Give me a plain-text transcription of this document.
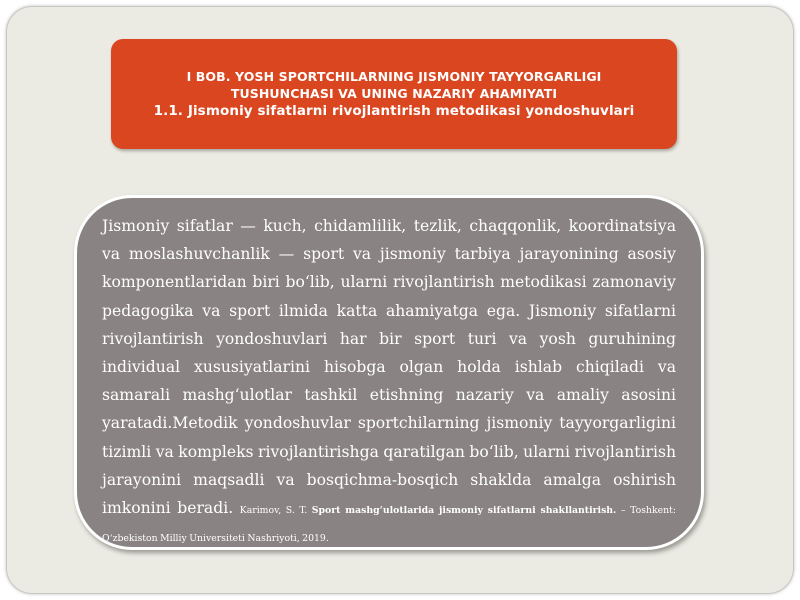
I BOB. YOSH SPORTCHILARNING JISMONIY TAYYORGARLIGI
TUSHUNCHASI VA UNING NAZARIY AHAMIYATI
1.1. Jismoniy sifatlarni rivojlantirish metodikasi yondoshuvlari

Jismoniy sifatlar — kuch, chidamlilik, tezlik, chaqqonlik, koordinatsiya va moslashuvchanlik — sport va jismoniy tarbiya jarayonining asosiy komponentlaridan biri bo‘lib, ularni rivojlantirish metodikasi zamonaviy pedagogika va sport ilmida katta ahamiyatga ega. Jismoniy sifatlarni rivojlantirish yondoshuvlari har bir sport turi va yosh guruhining individual xususiyatlarini hisobga olgan holda ishlab chiqiladi va samarali mashg‘ulotlar tashkil etishning nazariy va amaliy asosini yaratadi.Metodik yondoshuvlar sportchilarning jismoniy tayyorgarligini tizimli va kompleks rivojlantirishga qaratilgan bo‘lib, ularni rivojlantirish jarayonini maqsadli va bosqichma-bosqich shaklda amalga oshirish imkonini beradi. Karimov, S. T. Sport mashg‘ulotlarida jismoniy sifatlarni shakllantirish. – Toshkent: O‘zbekiston Milliy Universiteti Nashriyoti, 2019.
